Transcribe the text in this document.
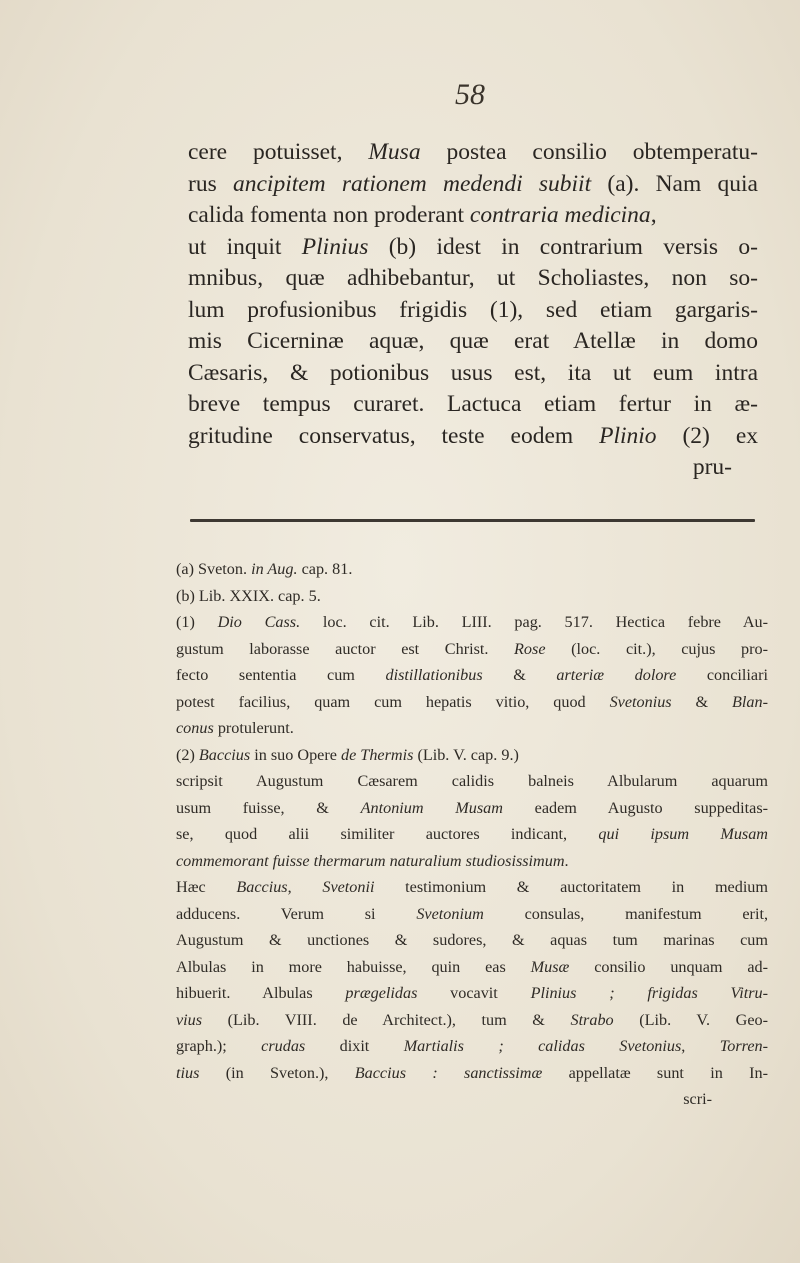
58
cere potuisset, Musa postea consilio obtemperatu-
rus ancipitem rationem medendi subiit (a). Nam quia
calida fomenta non proderant contraria medicina,
ut inquit Plinius (b) idest in contrarium versis o-
mnibus, quæ adhibebantur, ut Scholiastes, non so-
lum profusionibus frigidis (1), sed etiam gargaris-
mis Cicerninæ aquæ, quæ erat Atellæ in domo
Cæsaris, & potionibus usus est, ita ut eum intra
breve tempus curaret. Lactuca etiam fertur in æ-
gritudine conservatus, teste eodem Plinio (2) ex
pru-
(a) Sveton. in Aug. cap. 81.
(b) Lib. XXIX. cap. 5.
(1) Dio Cass. loc. cit. Lib. LIII. pag. 517. Hectica febre Au-
gustum laborasse auctor est Christ. Rose (loc. cit.), cujus pro-
fecto sententia cum distillationibus & arteriæ dolore conciliari
potest facilius, quam cum hepatis vitio, quod Svetonius & Blan-
conus protulerunt.
(2) Baccius in suo Opere de Thermis (Lib. V. cap. 9.)
scripsit Augustum Cæsarem calidis balneis Albularum aquarum
usum fuisse, & Antonium Musam eadem Augusto suppeditas-
se, quod alii similiter auctores indicant, qui ipsum Musam
commemorant fuisse thermarum naturalium studiosissimum.
Hæc Baccius, Svetonii testimonium & auctoritatem in medium
adducens. Verum si Svetonium consulas, manifestum erit,
Augustum & unctiones & sudores, & aquas tum marinas cum
Albulas in more habuisse, quin eas Musæ consilio unquam ad-
hibuerit. Albulas prægelidas vocavit Plinius ; frigidas Vitru-
vius (Lib. VIII. de Architect.), tum & Strabo (Lib. V. Geo-
graph.); crudas dixit Martialis ; calidas Svetonius, Torren-
tius (in Sveton.), Baccius : sanctissimæ appellatæ sunt in In-
scri-
